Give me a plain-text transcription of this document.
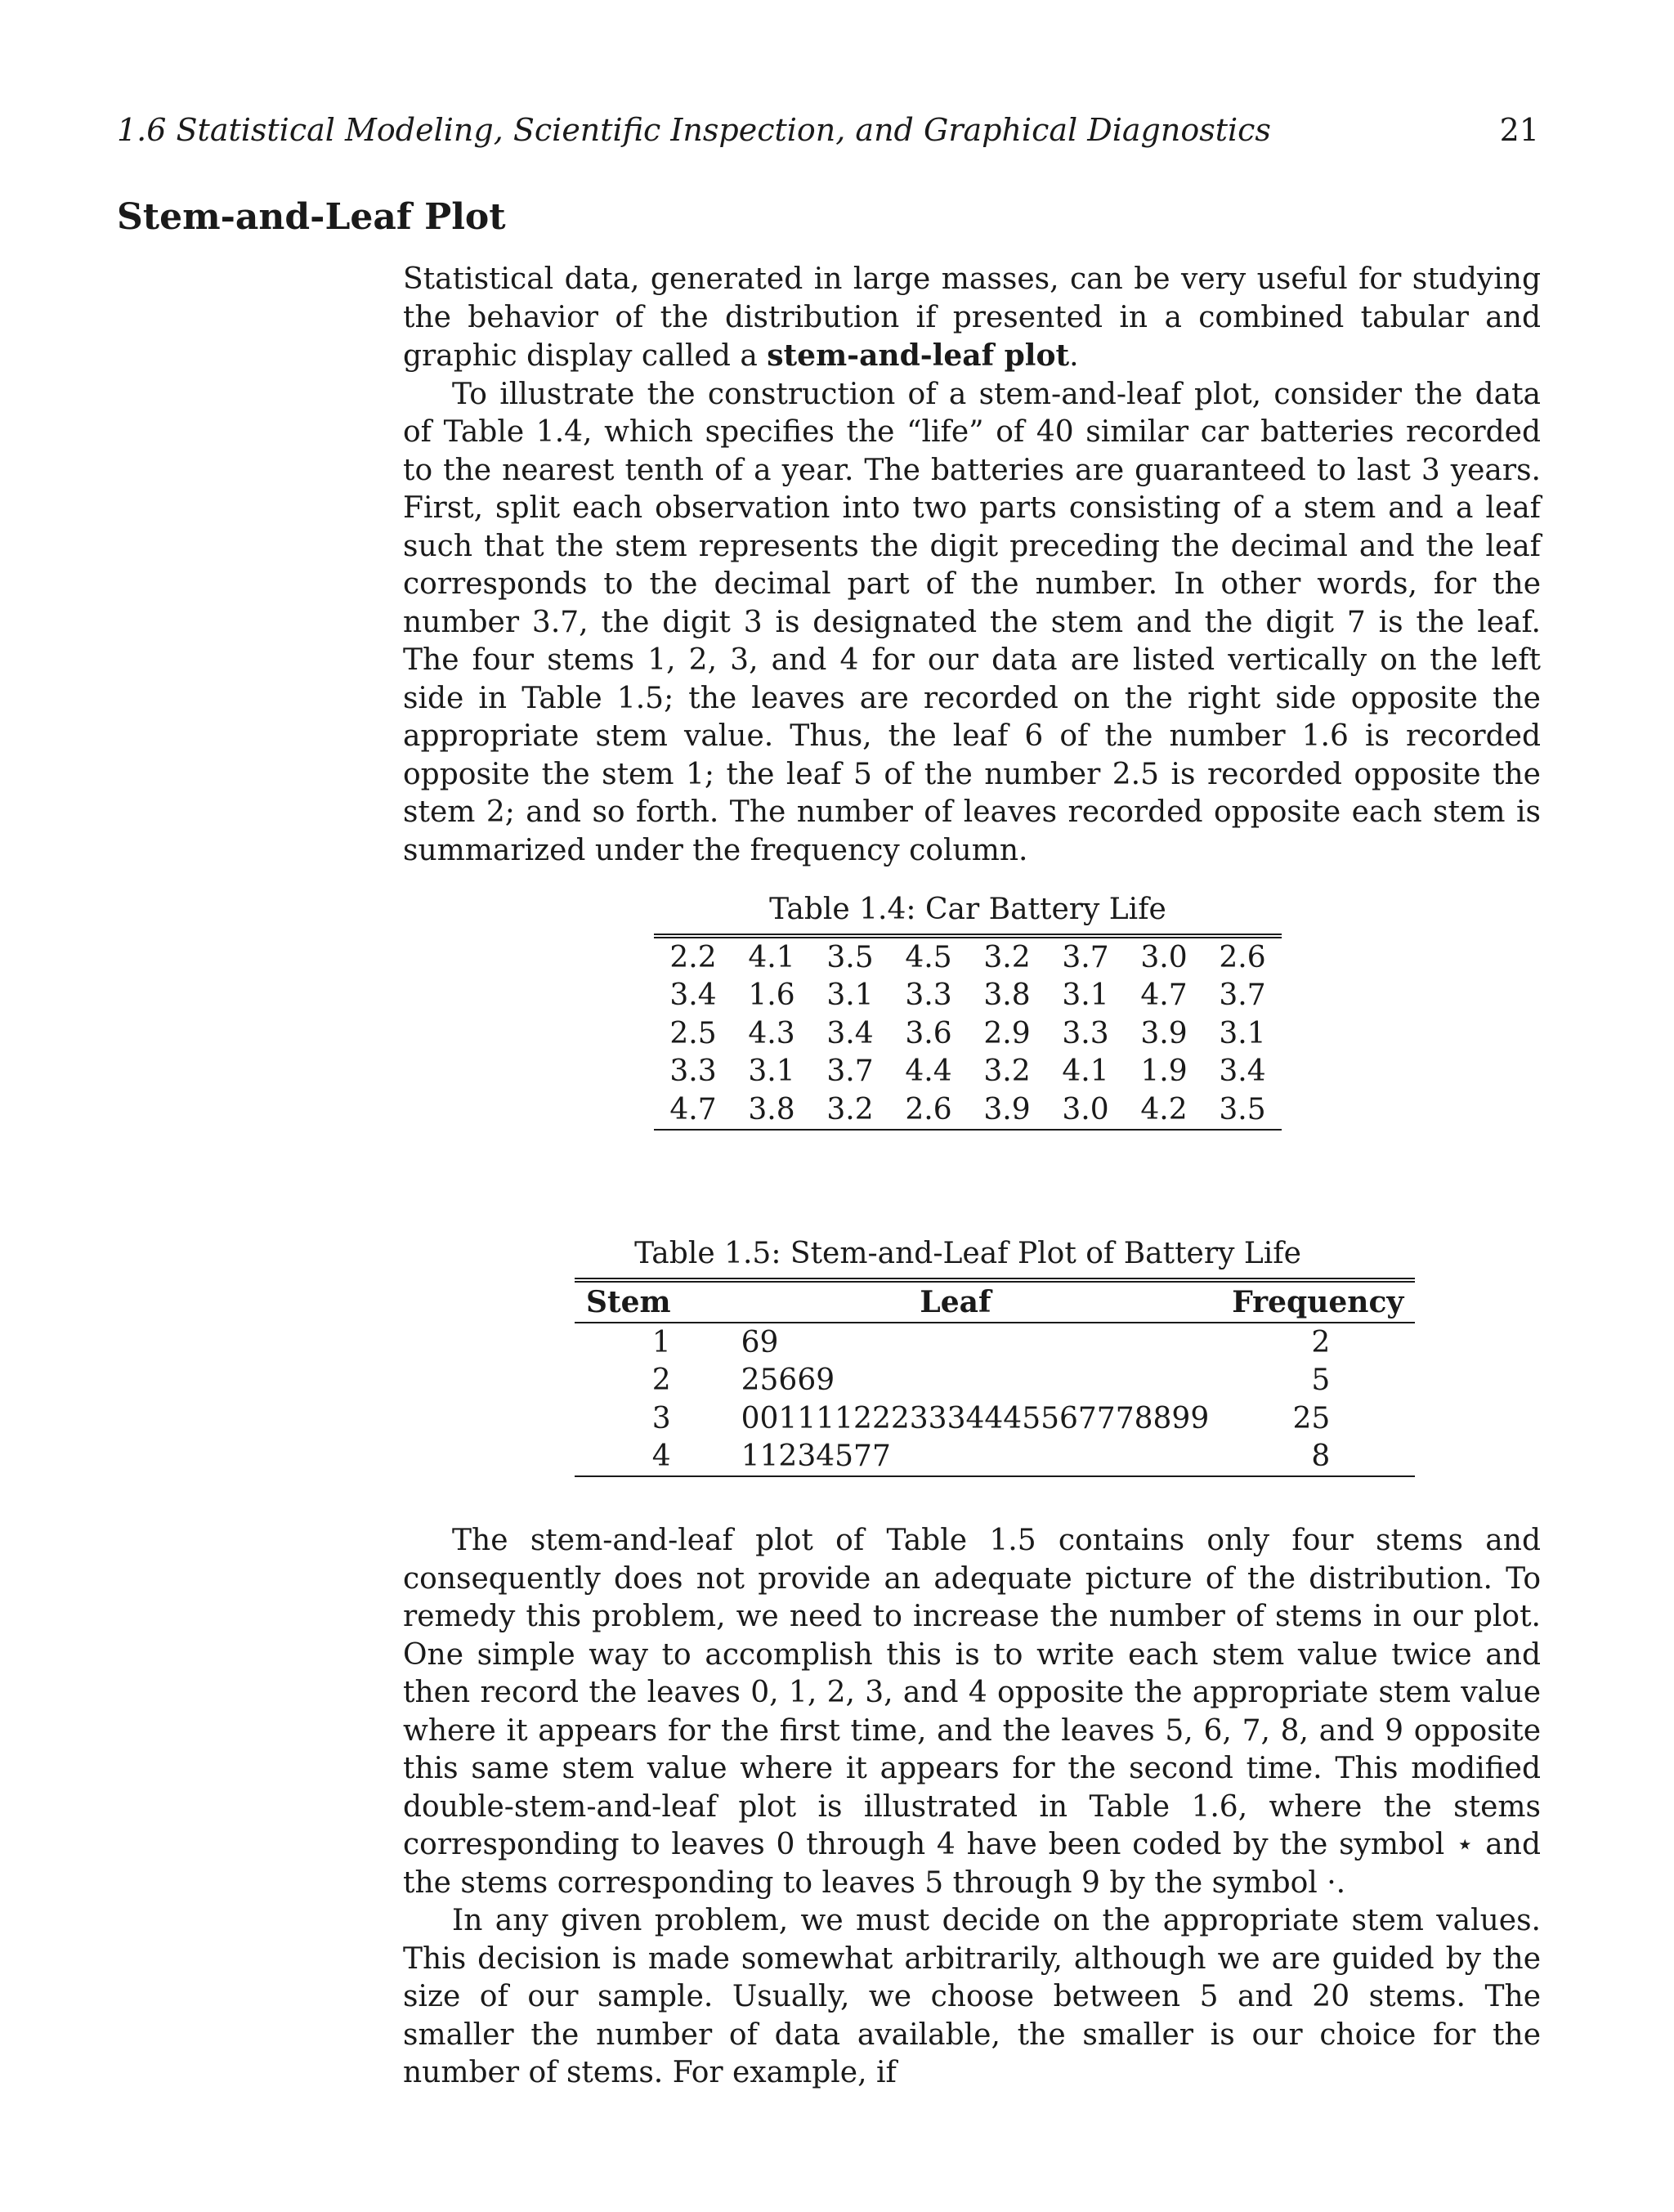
1.6 Statistical Modeling, Scientific Inspection, and Graphical Diagnostics	21
Stem-and-Leaf Plot

Statistical data, generated in large masses, can be very useful for studying the behavior of the distribution if presented in a combined tabular and graphic display called a stem-and-leaf plot.

To illustrate the construction of a stem-and-leaf plot, consider the data of Table 1.4, which specifies the “life” of 40 similar car batteries recorded to the nearest tenth of a year. The batteries are guaranteed to last 3 years. First, split each observation into two parts consisting of a stem and a leaf such that the stem represents the digit preceding the decimal and the leaf corresponds to the decimal part of the number. In other words, for the number 3.7, the digit 3 is designated the stem and the digit 7 is the leaf. The four stems 1, 2, 3, and 4 for our data are listed vertically on the left side in Table 1.5; the leaves are recorded on the right side opposite the appropriate stem value. Thus, the leaf 6 of the number 1.6 is recorded opposite the stem 1; the leaf 5 of the number 2.5 is recorded opposite the stem 2; and so forth. The number of leaves recorded opposite each stem is summarized under the frequency column.

Table 1.4: Car Battery Life
2.2	4.1	3.5	4.5	3.2	3.7	3.0	2.6
3.4	1.6	3.1	3.3	3.8	3.1	4.7	3.7
2.5	4.3	3.4	3.6	2.9	3.3	3.9	3.1
3.3	3.1	3.7	4.4	3.2	4.1	1.9	3.4
4.7	3.8	3.2	2.6	3.9	3.0	4.2	3.5
Table 1.5: Stem-and-Leaf Plot of Battery Life
Stem	Leaf	Frequency
1	69	2
2	25669	5
3	0011112223334445567778899	25
4	11234577	8

The stem-and-leaf plot of Table 1.5 contains only four stems and consequently does not provide an adequate picture of the distribution. To remedy this problem, we need to increase the number of stems in our plot. One simple way to accomplish this is to write each stem value twice and then record the leaves 0, 1, 2, 3, and 4 opposite the appropriate stem value where it appears for the first time, and the leaves 5, 6, 7, 8, and 9 opposite this same stem value where it appears for the second time. This modified double-stem-and-leaf plot is illustrated in Table 1.6, where the stems corresponding to leaves 0 through 4 have been coded by the symbol ⋆ and the stems corresponding to leaves 5 through 9 by the symbol ·.

In any given problem, we must decide on the appropriate stem values. This decision is made somewhat arbitrarily, although we are guided by the size of our sample. Usually, we choose between 5 and 20 stems. The smaller the number of data available, the smaller is our choice for the number of stems. For example, if
